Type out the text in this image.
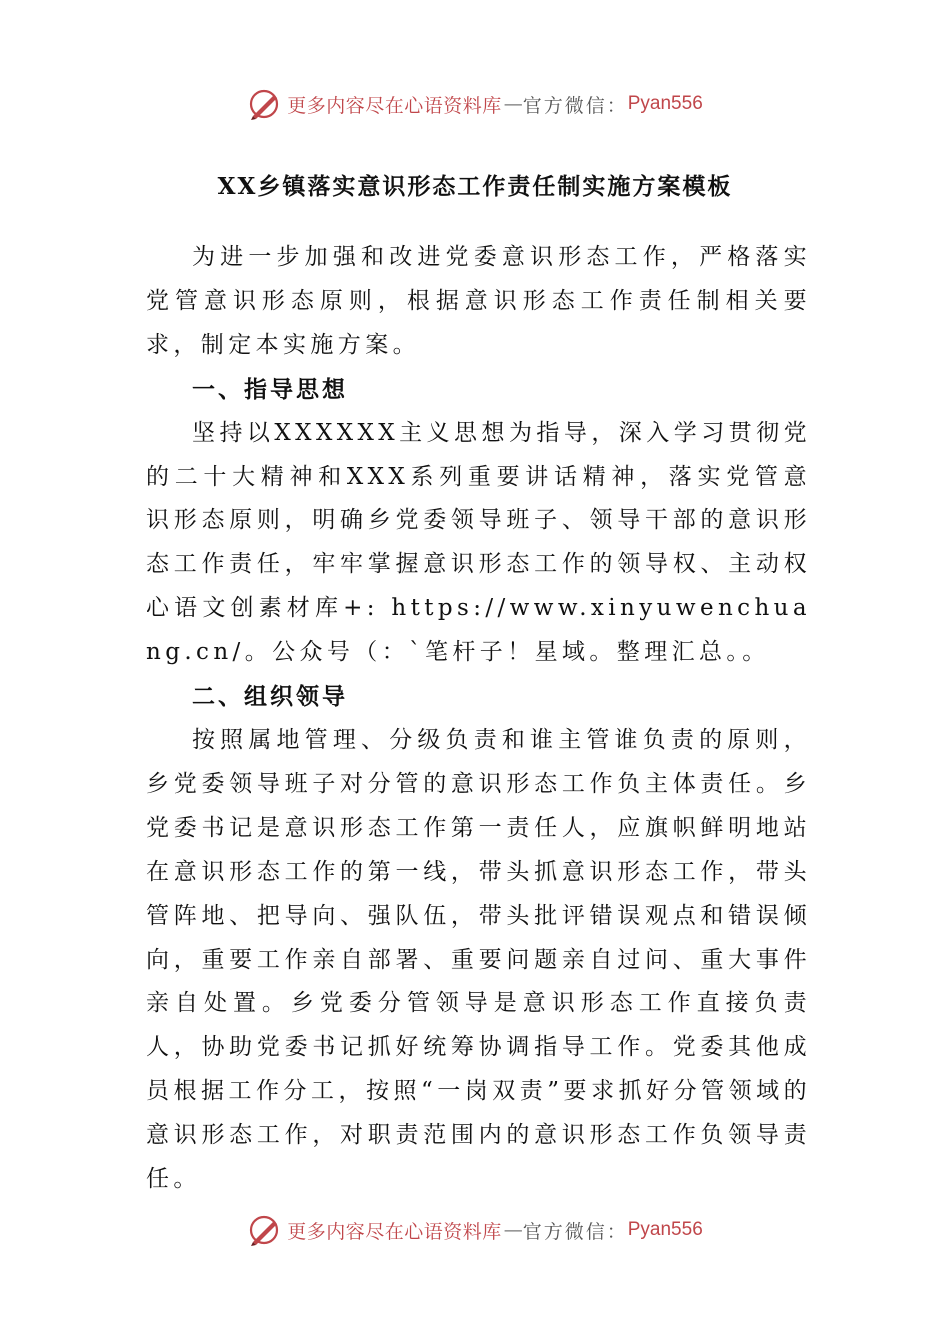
更多内容尽在心语资料库 — 官方微信： Pyan556
XX乡镇落实意识形态工作责任制实施方案模板

为进一步加强和改进党委意识形态工作，严格落实党管意识形态原则，根据意识形态工作责任制相关要求，制定本实施方案。

一、指导思想

坚持以XXXXXX主义思想为指导，深入学习贯彻党的二十大精神和XXX系列重要讲话精神，落实党管意识形态原则，明确乡党委领导班子、领导干部的意识形态工作责任，牢牢掌握意识形态工作的领导权、主动权心语文创素材库+: https://www.xinyuwenchuang.cn/。公众号（：`笔杆子！星域。整理汇总。。

二、组织领导

按照属地管理、分级负责和谁主管谁负责的原则，乡党委领导班子对分管的意识形态工作负主体责任。乡党委书记是意识形态工作第一责任人，应旗帜鲜明地站在意识形态工作的第一线，带头抓意识形态工作，带头管阵地、把导向、强队伍，带头批评错误观点和错误倾向，重要工作亲自部署、重要问题亲自过问、重大事件亲自处置。乡党委分管领导是意识形态工作直接负责人，协助党委书记抓好统筹协调指导工作。党委其他成员根据工作分工，按照“一岗双责”要求抓好分管领域的意识形态工作，对职责范围内的意识形态工作负领导责任。

更多内容尽在心语资料库 — 官方微信： Pyan556
